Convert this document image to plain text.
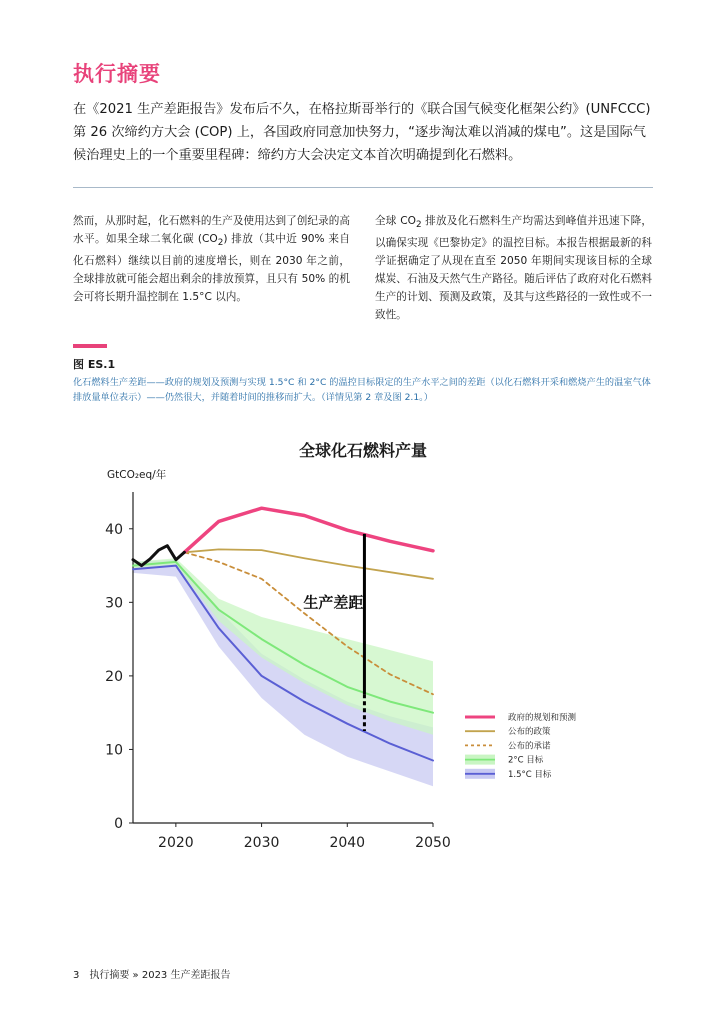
执行摘要
在《2021 生产差距报告》发布后不久，在格拉斯哥举行的《联合国气候变化框架公约》(UNFCCC) 第 26 次缔约方大会 (COP) 上，各国政府同意加快努力，“逐步淘汰难以消减的煤电”。这是国际气候治理史上的一个重要里程碑：缔约方大会决定文本首次明确提到化石燃料。
然而，从那时起，化石燃料的生产及使用达到了创纪录的高水平。如果全球二氧化碳 $(CO_2)$ 排放（其中近 90% 来自化石燃料）继续以目前的速度增长，则在 2030 年之前，全球排放就可能会超出剩余的排放预算，且只有 50% 的机会可将长期升温控制在 1.5°C 以内。
全球 $CO_2$ 排放及化石燃料生产均需达到峰值并迅速下降，以确保实现《巴黎协定》的温控目标。本报告根据最新的科学证据确定了从现在直至 2050 年期间实现该目标的全球煤炭、石油及天然气生产路径。随后评估了政府对化石燃料生产的计划、预测及政策，及其与这些路径的一致性或不一致性。
图 ES.1
化石燃料生产差距——政府的规划及预测与实现 1.5°C 和 2°C 的温控目标限定的生产水平之间的差距（以化石燃料开采和燃烧产生的温室气体排放量单位表示）——仍然很大，并随着时间的推移而扩大。（详情见第 2 章及图 2.1。）
全球化石燃料产量
GtCO₂eq/年
0
10
20
30
40
2020	2030	2040	2050
生产差距
政府的规划和预测
公布的政策
公布的承诺
2°C 目标
1.5°C 目标
3 执行摘要 » 2023 生产差距报告
